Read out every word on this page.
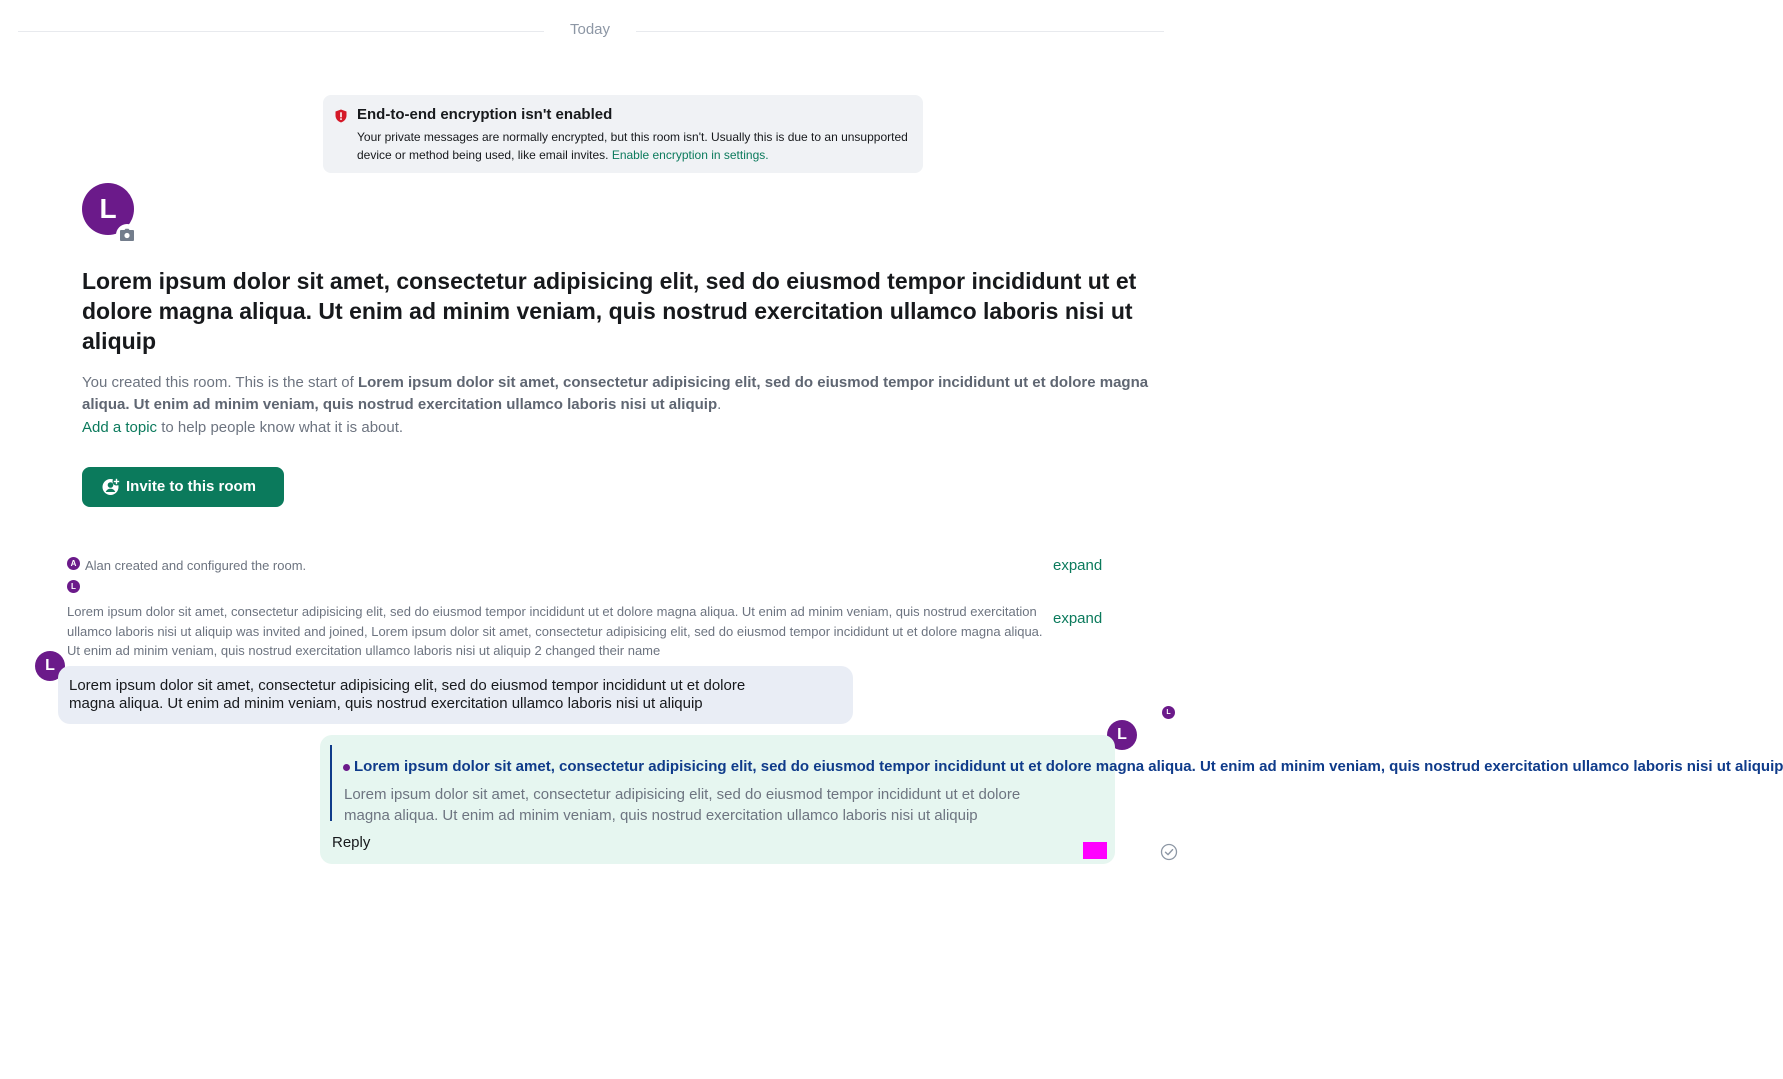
Today
End-to-end encryption isn't enabled
Your private messages are normally encrypted, but this room isn't. Usually this is due to an unsupported device or method being used, like email invites. Enable encryption in settings.
L
Lorem ipsum dolor sit amet, consectetur adipisicing elit, sed do eiusmod tempor incididunt ut et dolore magna aliqua. Ut enim ad minim veniam, quis nostrud exercitation ullamco laboris nisi ut aliquip
You created this room. This is the start of Lorem ipsum dolor sit amet, consectetur adipisicing elit, sed do eiusmod tempor incididunt ut et dolore magna aliqua. Ut enim ad minim veniam, quis nostrud exercitation ullamco laboris nisi ut aliquip.
Add a topic to help people know what it is about.
Invite to this room
A Alan created and configured the room.	expand
L
Lorem ipsum dolor sit amet, consectetur adipisicing elit, sed do eiusmod tempor incididunt ut et dolore magna aliqua. Ut enim ad minim veniam, quis nostrud exercitation ullamco laboris nisi ut aliquip was invited and joined, Lorem ipsum dolor sit amet, consectetur adipisicing elit, sed do eiusmod tempor incididunt ut et dolore magna aliqua. Ut enim ad minim veniam, quis nostrud exercitation ullamco laboris nisi ut aliquip 2 changed their name
expand
L
Lorem ipsum dolor sit amet, consectetur adipisicing elit, sed do eiusmod tempor incididunt ut et dolore magna aliqua. Ut enim ad minim veniam, quis nostrud exercitation ullamco laboris nisi ut aliquip
L
Lorem ipsum dolor sit amet, consectetur adipisicing elit, sed do eiusmod tempor incididunt ut et dolore magna aliqua. Ut enim ad minim veniam, quis nostrud exercitation ullamco laboris nisi ut aliquip
Lorem ipsum dolor sit amet, consectetur adipisicing elit, sed do eiusmod tempor incididunt ut et dolore magna aliqua. Ut enim ad minim veniam, quis nostrud exercitation ullamco laboris nisi ut aliquip
Reply
L
